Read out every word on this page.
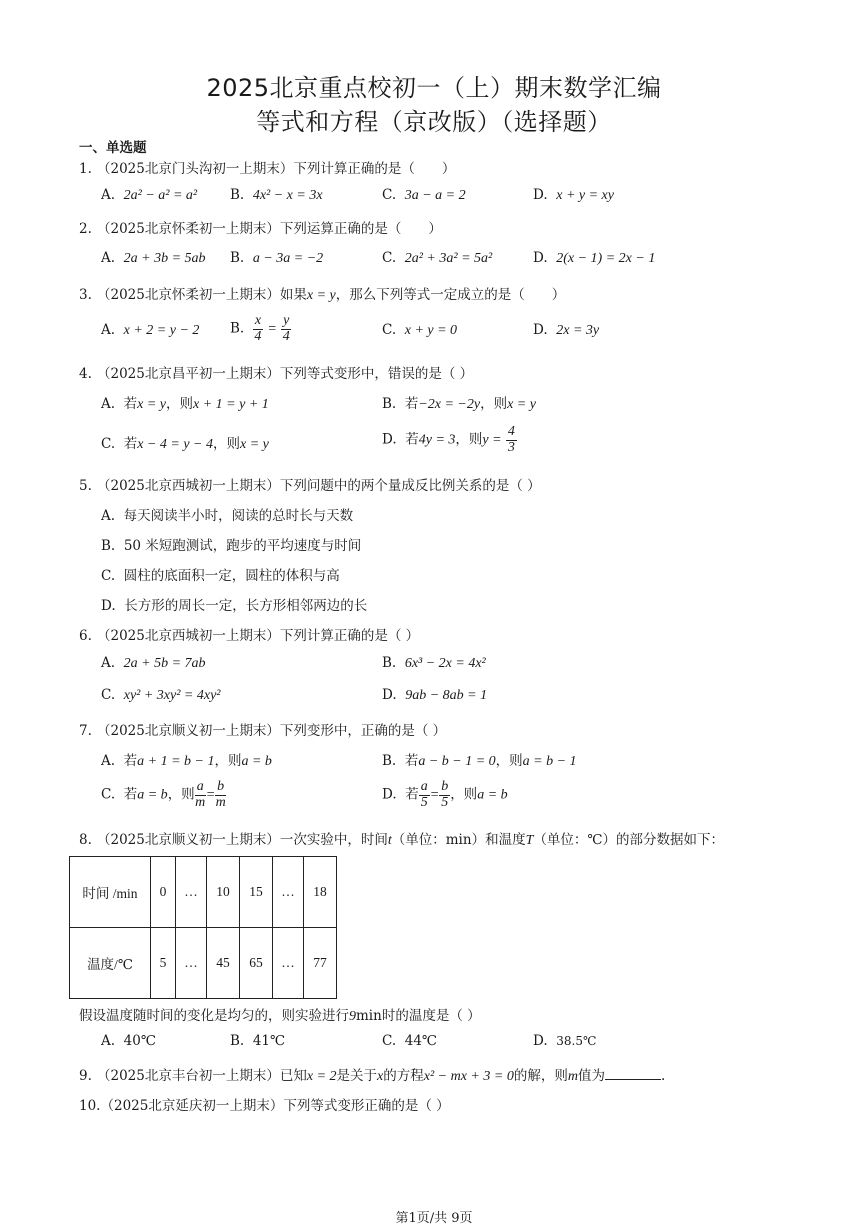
2025北京重点校初一（上）期末数学汇编
等式和方程（京改版）（选择题）
一、单选题
1. （2025北京门头沟初一上期末）下列计算正确的是（　　）
A. 2a² − a² = a² B. 4x² − x = 3x	C. 3a − a = 2	D. x + y = xy
2. （2025北京怀柔初一上期末）下列运算正确的是（　　）
A. 2a + 3b = 5ab B. a − 3a = −2	C. 2a² + 3a² = 5a²	D. 2(x − 1) = 2x − 1
3. （2025北京怀柔初一上期末）如果x = y，那么下列等式一定成立的是（　　）
A. x + 2 = y − 2 B. $\frac{x}{4} = \frac{y}{4}$	C. x + y = 0	D. 2x = 3y
4. （2025北京昌平初一上期末）下列等式变形中，错误的是（ ）
A. 若x = y，则x + 1 = y + 1	B. 若−2x = −2y，则x = y
C. 若x − 4 = y − 4，则x = y	D. 若4y = 3，则$y = \frac{4}{3}$
5. （2025北京西城初一上期末）下列问题中的两个量成反比例关系的是（ ）
A. 每天阅读半小时，阅读的总时长与天数
B. 50 米短跑测试，跑步的平均速度与时间
C. 圆柱的底面积一定，圆柱的体积与高
D. 长方形的周长一定，长方形相邻两边的长
6. （2025北京西城初一上期末）下列计算正确的是（ ）
A. 2a + 5b = 7ab	B. 6x³ − 2x = 4x²
C. xy² + 3xy² = 4xy²	D. 9ab − 8ab = 1
7. （2025北京顺义初一上期末）下列变形中，正确的是（ ）
A. 若a + 1 = b − 1，则a = b	B. 若a − b − 1 = 0，则a = b − 1
C. 若a = b，则 $\frac{a}{m} = \frac{b}{m}$	D. 若 $\frac{a}{5} = \frac{b}{5}$ ，则a = b
8. （2025北京顺义初一上期末）一次实验中，时间t（单位：min）和温度T（单位：℃）的部分数据如下：
时间 /min	0	…	10	15	…	18
温度/℃	5	…	45	65	…	77
假设温度随时间的变化是均匀的，则实验进行9min时的温度是（ ）
A. 40℃	B. 41℃	C. 44℃	D. 38.5℃
9. （2025北京丰台初一上期末）已知x = 2是关于x的方程x² − mx + 3 = 0的解，则m值为	.
10.（2025北京延庆初一上期末）下列等式变形正确的是（ ）
第1页/共 9页
